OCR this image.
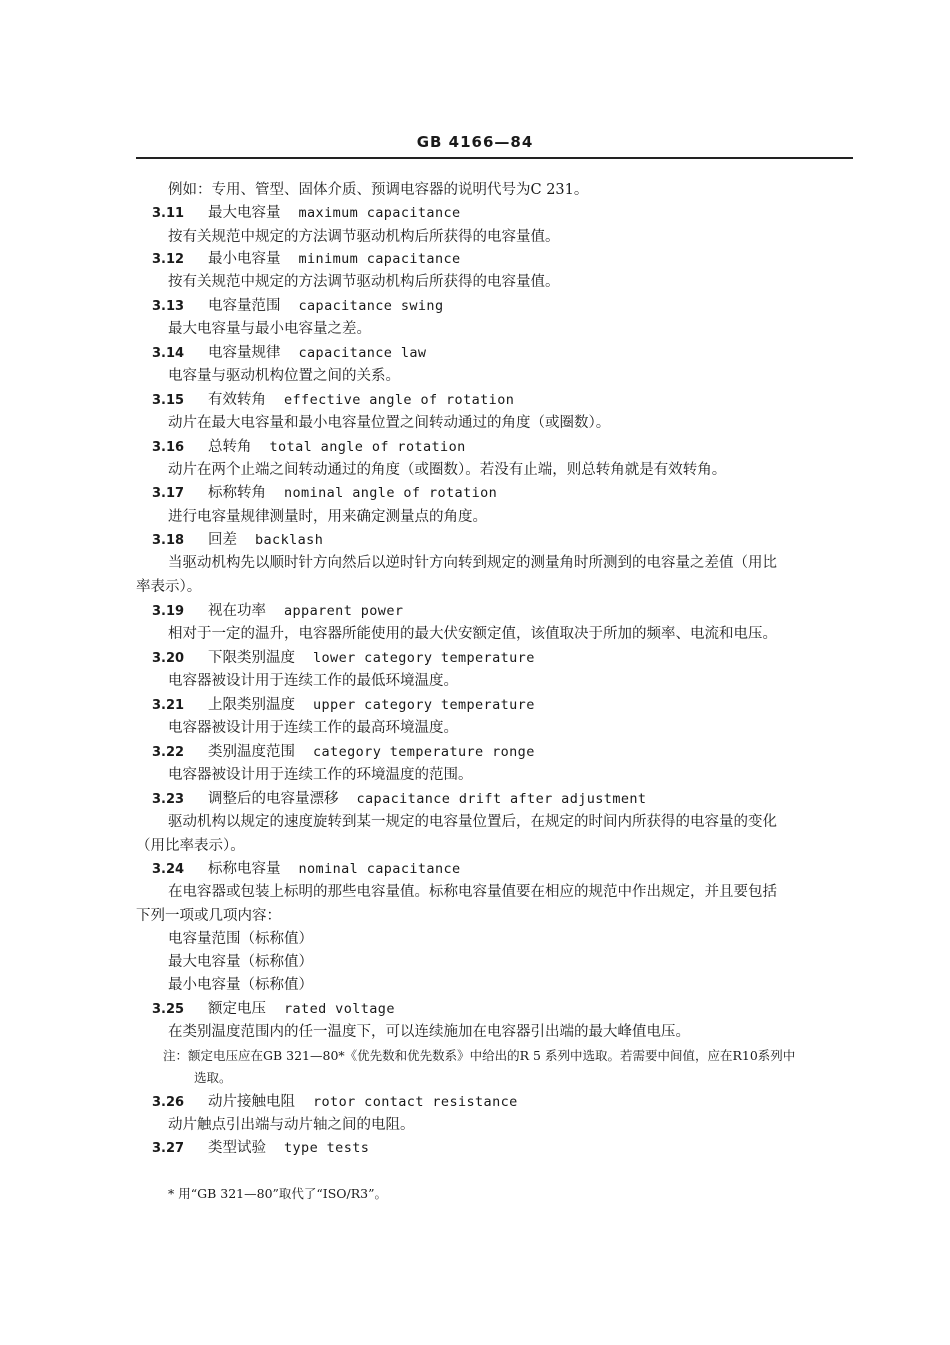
GB 4166—84
例如：专用、管型、固体介质、预调电容器的说明代号为C 231。
3.11 最大电容量 maximum capacitance
按有关规范中规定的方法调节驱动机构后所获得的电容量值。
3.12 最小电容量 minimum capacitance
按有关规范中规定的方法调节驱动机构后所获得的电容量值。
3.13 电容量范围 capacitance swing
最大电容量与最小电容量之差。
3.14 电容量规律 capacitance law
电容量与驱动机构位置之间的关系。
3.15 有效转角 effective angle of rotation
动片在最大电容量和最小电容量位置之间转动通过的角度（或圈数）。
3.16 总转角 total angle of rotation
动片在两个止端之间转动通过的角度（或圈数）。若没有止端，则总转角就是有效转角。
3.17 标称转角 nominal angle of rotation
进行电容量规律测量时，用来确定测量点的角度。
3.18 回差 backlash
当驱动机构先以顺时针方向然后以逆时针方向转到规定的测量角时所测到的电容量之差值（用比
率表示）。
3.19 视在功率 apparent power
相对于一定的温升，电容器所能使用的最大伏安额定值，该值取决于所加的频率、电流和电压。
3.20 下限类别温度 lower category temperature
电容器被设计用于连续工作的最低环境温度。
3.21 上限类别温度 upper category temperature
电容器被设计用于连续工作的最高环境温度。
3.22 类别温度范围 category temperature ronge
电容器被设计用于连续工作的环境温度的范围。
3.23 调整后的电容量漂移 capacitance drift after adjustment
驱动机构以规定的速度旋转到某一规定的电容量位置后，在规定的时间内所获得的电容量的变化
（用比率表示）。
3.24 标称电容量 nominal capacitance
在电容器或包装上标明的那些电容量值。标称电容量值要在相应的规范中作出规定，并且要包括
下列一项或几项内容：
电容量范围（标称值）
最大电容量（标称值）
最小电容量（标称值）
3.25 额定电压 rated voltage
在类别温度范围内的任一温度下，可以连续施加在电容器引出端的最大峰值电压。
3.26 动片接触电阻 rotor contact resistance
动片触点引出端与动片轴之间的电阻。
3.27 类型试验 type tests
注：额定电压应在GB 321—80*《优先数和优先数系》中给出的R 5 系列中选取。若需要中间值，应在R10系列中
选取。
* 用“GB 321—80”取代了“ISO/R3”。
